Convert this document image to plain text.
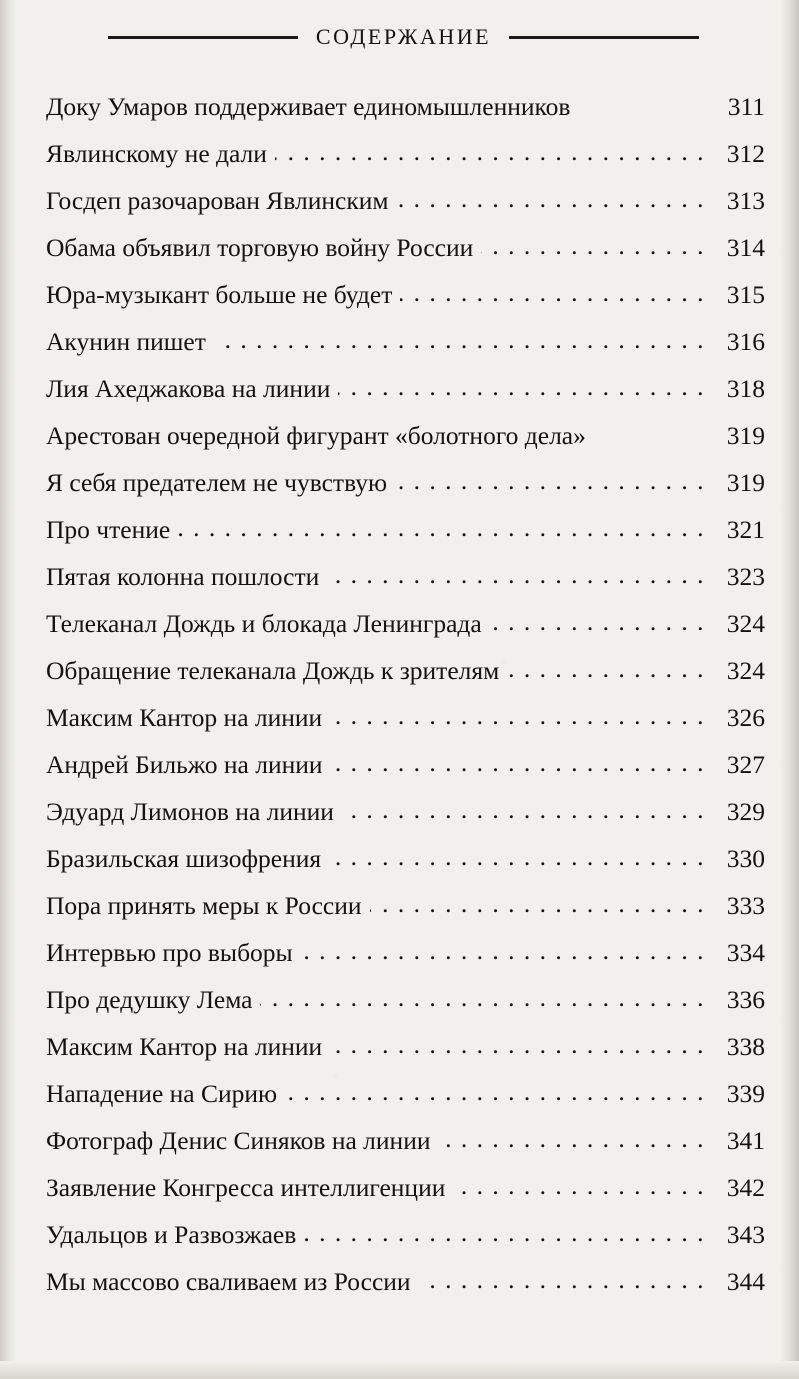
СОДЕРЖАНИЕ
Доку Умаров поддерживает единомышленников	311
Явлинскому не дали . . .	312
Госдеп разочарован Явлинским . . .	313
Обама объявил торговую войну России . . .	314
Юра-музыкант больше не будет . . .	315
Акунин пишет . . .	316
Лия Ахеджакова на линии . . .	318
Арестован очередной фигурант «болотного дела»	319
Я себя предателем не чувствую . . .	319
Про чтение . . .	321
Пятая колонна пошлости . . .	323
Телеканал Дождь и блокада Ленинграда . . .	324
Обращение телеканала Дождь к зрителям . . .	324
Максим Кантор на линии . . .	326
Андрей Бильжо на линии . . .	327
Эдуард Лимонов на линии . . .	329
Бразильская шизофрения . . .	330
Пора принять меры к России . . .	333
Интервью про выборы . . .	334
Про дедушку Лема . . .	336
Максим Кантор на линии . . .	338
Нападение на Сирию . . .	339
Фотограф Денис Синяков на линии . . .	341
Заявление Конгресса интеллигенции . . .	342
Удальцов и Развозжаев . . .	343
Мы массово сваливаем из России . . .	344
